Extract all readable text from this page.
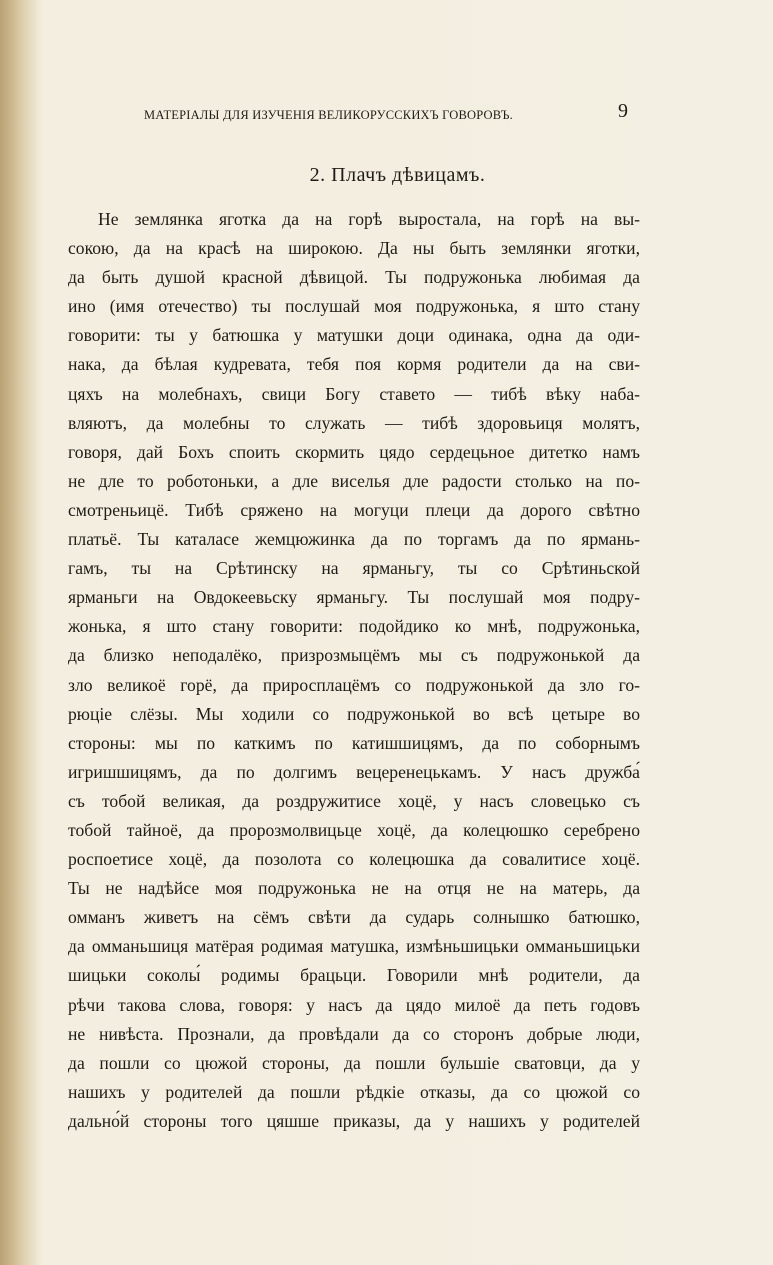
МАТЕРІАЛЫ ДЛЯ ИЗУЧЕНІЯ ВЕЛИКОРУССКИХЪ ГОВОРОВЪ.	9
2. Плачъ дѣвицамъ.
Не землянка яготка да на горѣ выростала, на горѣ на вы-
сокою, да на красѣ на широкою. Да ны быть землянки яготки,
да быть душой красной дѣвицой. Ты подружонька любимая да
ино (имя отечество) ты послушай моя подружонька, я што стану
говорити: ты у батюшка у матушки доци одинака, одна да оди-
нака, да бѣлая кудревата, тебя поя кормя родители да на сви-
цяхъ на молебнахъ, свици Богу ставето — тибѣ вѣку наба-
вляютъ, да молебны то служать — тибѣ здоровьиця молятъ,
говоря, дай Бохъ споить скормить цядо сердецьное дитетко намъ
не дле то роботоньки, а дле виселья дле радости столько на по-
смотреньицё. Тибѣ сряжено на могуци плеци да дорого свѣтно
платьё. Ты каталасе жемцюжинка да по торгамъ да по ярмань-
гамъ, ты на Срѣтинску на ярманьгу, ты со Срѣтиньской
ярманьги на Овдокеевьску ярманьгу. Ты послушай моя подру-
жонька, я што стану говорити: подойдико ко мнѣ, подружонька,
да близко неподалёко, призрозмыцёмъ мы съ подружонькой да
зло великоё горё, да приросплацёмъ со подружонькой да зло го-
рюціе слёзы. Мы ходили со подружонькой во всѣ цетыре во
стороны: мы по каткимъ по катишшицямъ, да по соборнымъ
игришшицямъ, да по долгимъ вецеренецькамъ. У насъ дружба́
съ тобой великая, да роздружитисе хоцё, у насъ словецько съ
тобой тайноё, да пророзмолвицьце хоцё, да колецюшко серебрено
роспоетисе хоцё, да позолота со колецюшка да совалитисе хоцё.
Ты не надѣйсе моя подружонька не на отця не на матерь, да
омманъ живетъ на сёмъ свѣти да сударь солнышко батюшко,
да омманьшиця матёрая родимая матушка, измѣньшицьки омманьшицьки
шицьки соколы́ родимы брацьци. Говорили мнѣ родители, да
рѣчи такова слова, говоря: у насъ да цядо милоё да петь годовъ
не нивѣста. Прознали, да провѣдали да со сторонъ добрые люди,
да пошли со цюжой стороны, да пошли бульшіе сватовци, да у
нашихъ у родителей да пошли рѣдкіе отказы, да со цюжой со
дально́й стороны того цяшше приказы, да у нашихъ у родителей
